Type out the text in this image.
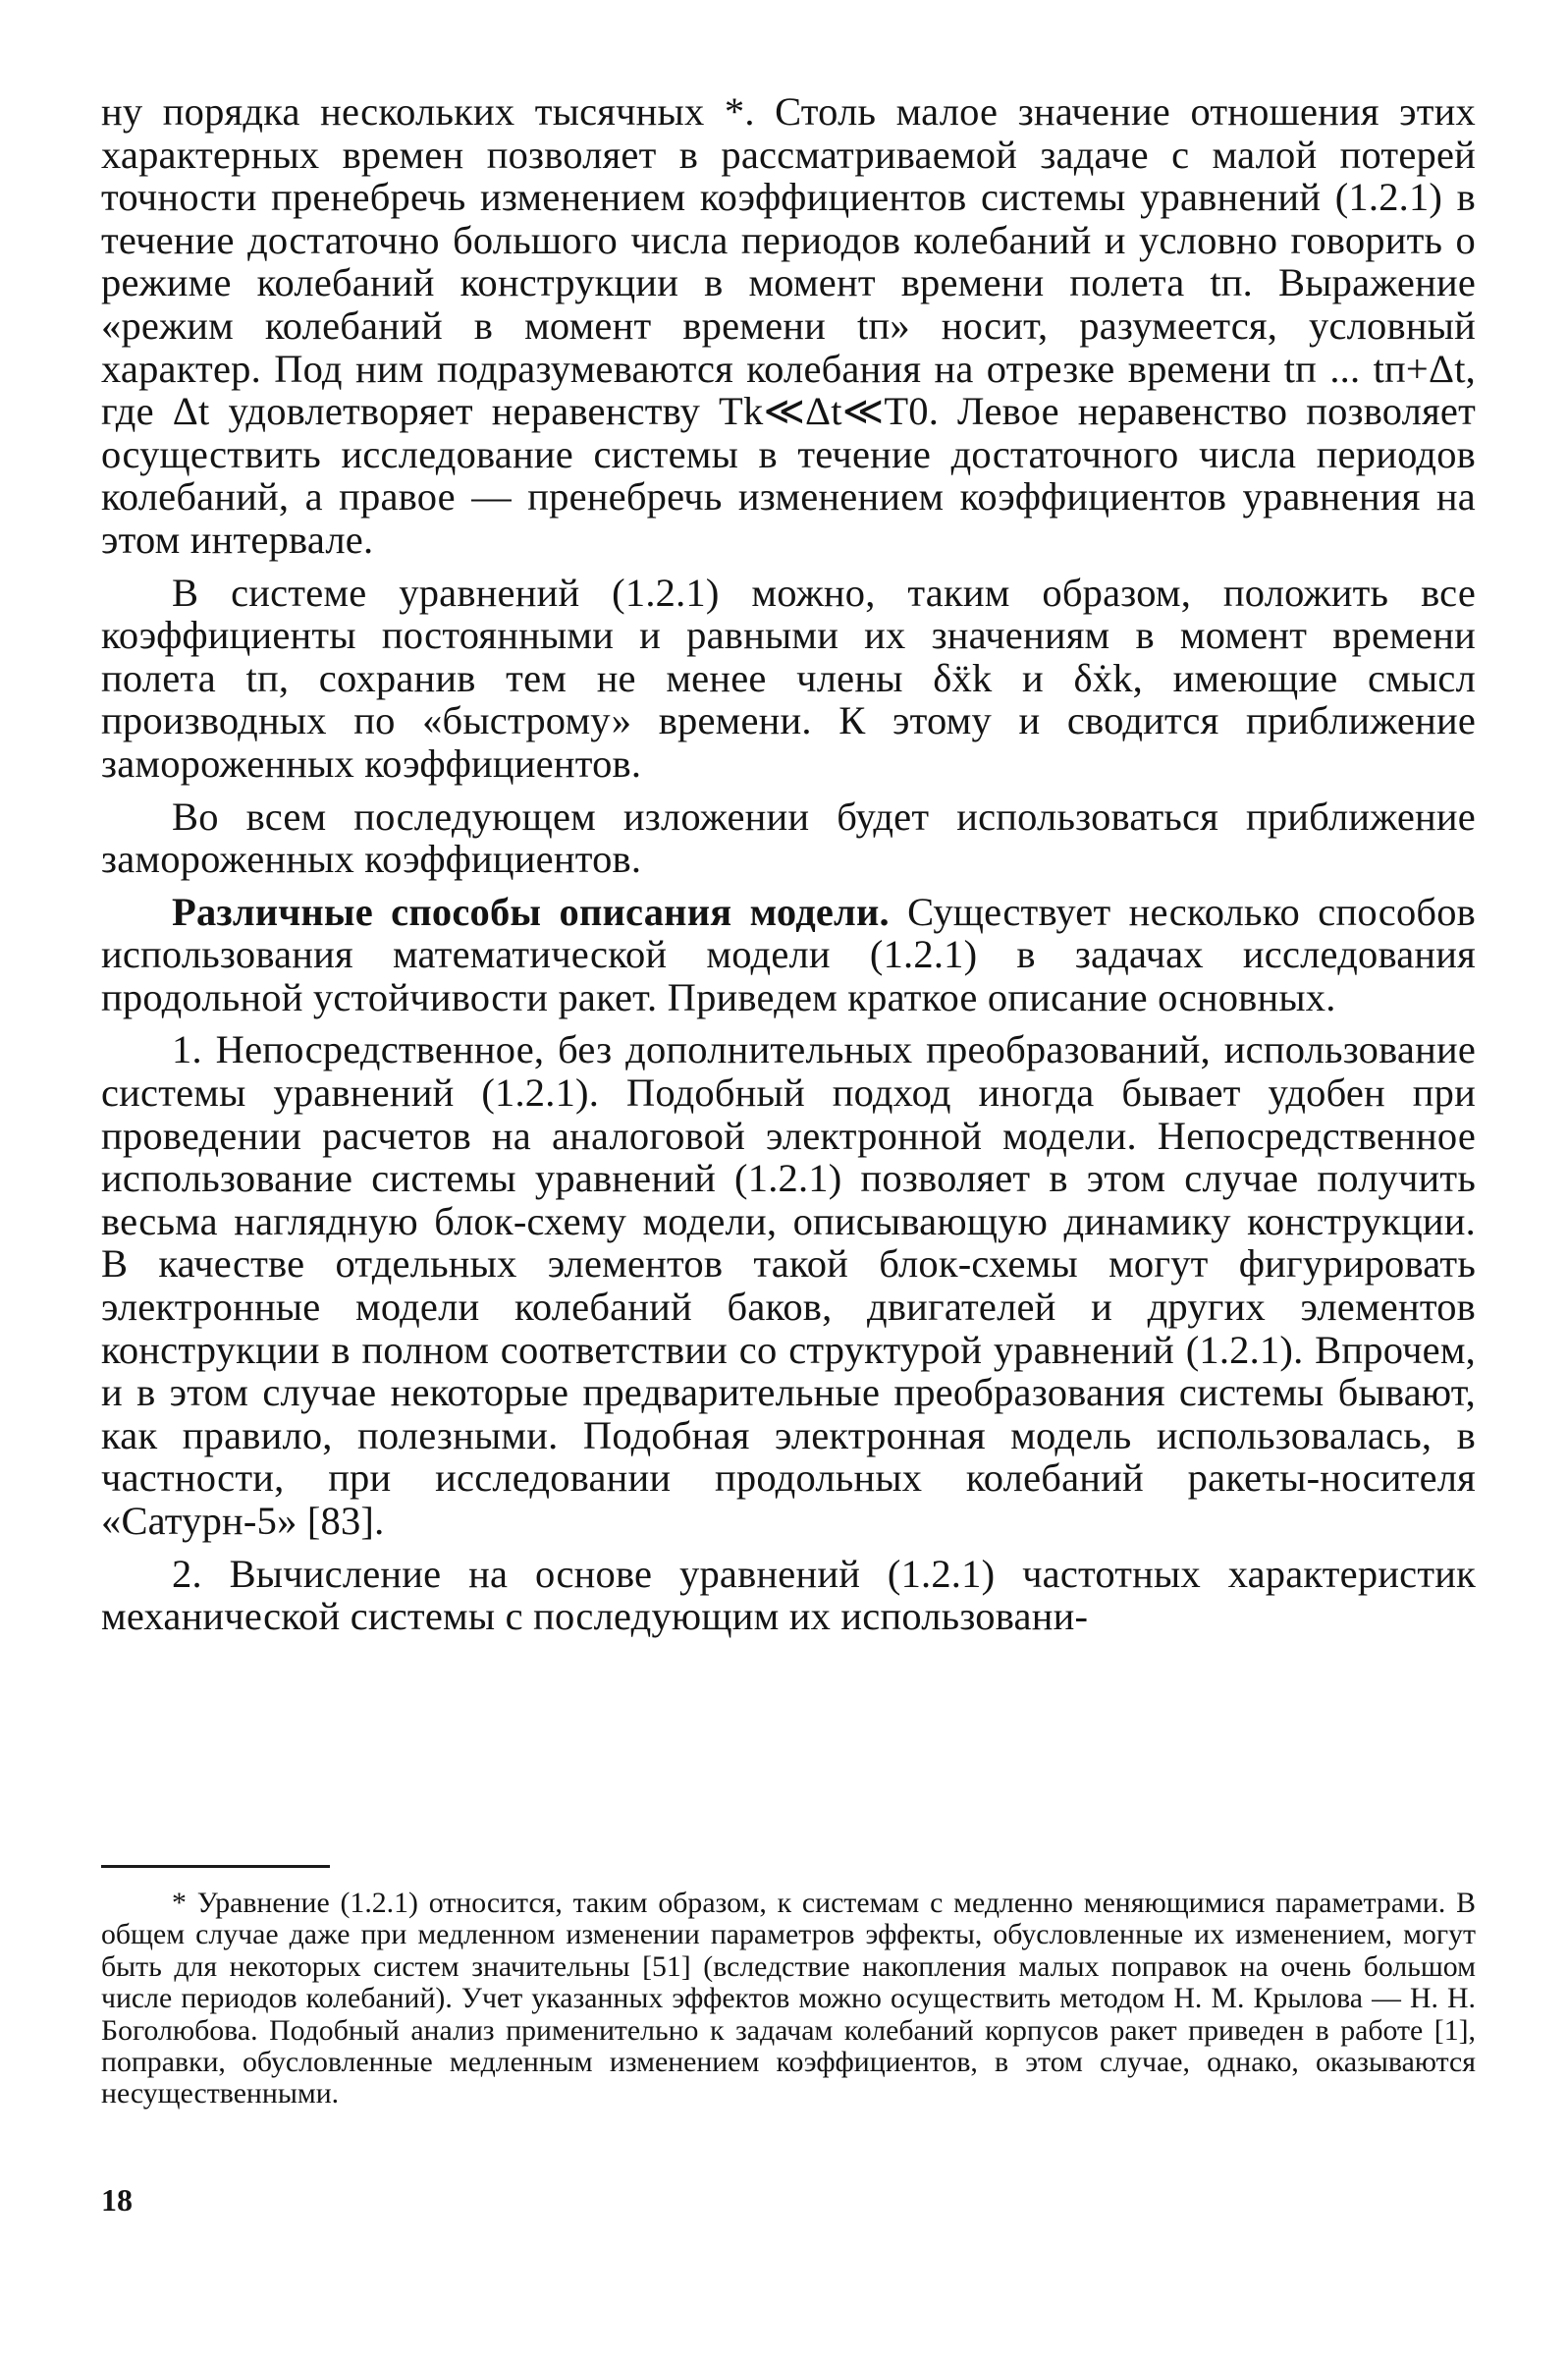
ну порядка нескольких тысячных *. Столь малое значение отношения этих характерных времен позволяет в рассматриваемой задаче с малой потерей точности пренебречь изменением коэффициентов системы уравнений (1.2.1) в течение достаточно большого числа периодов колебаний и условно говорить о режиме колебаний конструкции в момент времени полета tп. Выражение «режим колебаний в момент времени tп» носит, разумеется, условный характер. Под ним подразумеваются колебания на отрезке времени tп ... tп+Δt, где Δt удовлетворяет неравенству Tk≪Δt≪T0. Левое неравенство позволяет осуществить исследование системы в течение достаточного числа периодов колебаний, а правое — пренебречь изменением коэффициентов уравнения на этом интервале.

В системе уравнений (1.2.1) можно, таким образом, положить все коэффициенты постоянными и равными их значениям в момент времени полета tп, сохранив тем не менее члены δẍk и δẋk, имеющие смысл производных по «быстрому» времени. К этому и сводится приближение замороженных коэффициентов.

Во всем последующем изложении будет использоваться приближение замороженных коэффициентов.

Различные способы описания модели. Существует несколько способов использования математической модели (1.2.1) в задачах исследования продольной устойчивости ракет. Приведем краткое описание основных.

1. Непосредственное, без дополнительных преобразований, использование системы уравнений (1.2.1). Подобный подход иногда бывает удобен при проведении расчетов на аналоговой электронной модели. Непосредственное использование системы уравнений (1.2.1) позволяет в этом случае получить весьма наглядную блок-схему модели, описывающую динамику конструкции. В качестве отдельных элементов такой блок-схемы могут фигурировать электронные модели колебаний баков, двигателей и других элементов конструкции в полном соответствии со структурой уравнений (1.2.1). Впрочем, и в этом случае некоторые предварительные преобразования системы бывают, как правило, полезными. Подобная электронная модель использовалась, в частности, при исследовании продольных колебаний ракеты-носителя «Сатурн-5» [83].

2. Вычисление на основе уравнений (1.2.1) частотных характеристик механической системы с последующим их использовани-

* Уравнение (1.2.1) относится, таким образом, к системам с медленно меняющимися параметрами. В общем случае даже при медленном изменении параметров эффекты, обусловленные их изменением, могут быть для некоторых систем значительны [51] (вследствие накопления малых поправок на очень большом числе периодов колебаний). Учет указанных эффектов можно осуществить методом Н. М. Крылова — Н. Н. Боголюбова. Подобный анализ применительно к задачам колебаний корпусов ракет приведен в работе [1], поправки, обусловленные медленным изменением коэффициентов, в этом случае, однако, оказываются несущественными.

18
